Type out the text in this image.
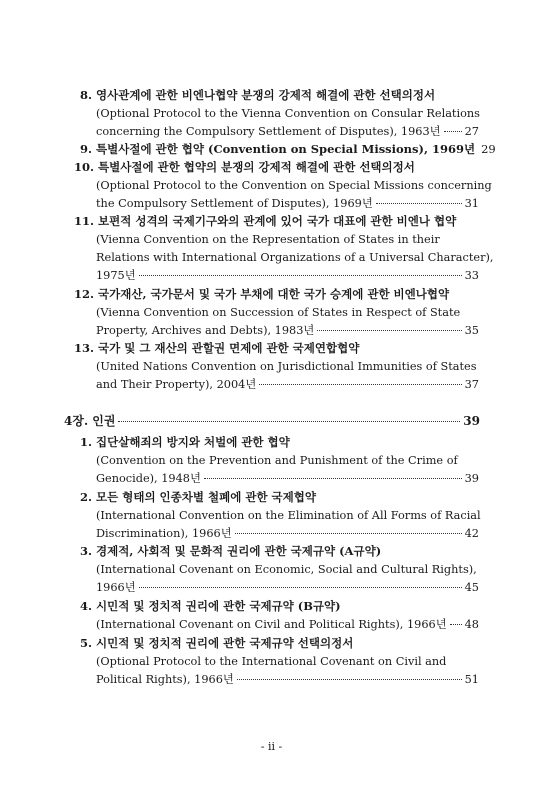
8. 영사관계에 관한 비엔나협약 분쟁의 강제적 해결에 관한 선택의정서
(Optional Protocol to the Vienna Convention on Consular Relations
concerning the Compulsory Settlement of Disputes), 1963년 27
9. 특별사절에 관한 협약 (Convention on Special Missions), 1969년 29
10. 특별사절에 관한 협약의 분쟁의 강제적 해결에 관한 선택의정서
(Optional Protocol to the Convention on Special Missions concerning
the Compulsory Settlement of Disputes), 1969년	31
11. 보편적 성격의 국제기구와의 관계에 있어 국가 대표에 관한 비엔나 협약
(Vienna Convention on the Representation of States in their
Relations with International Organizations of a Universal Character),
1975년	33
12. 국가재산, 국가문서 및 국가 부채에 대한 국가 승계에 관한 비엔나협약
(Vienna Convention on Succession of States in Respect of State
Property, Archives and Debts), 1983년	35
13. 국가 및 그 재산의 관할권 면제에 관한 국제연합협약
(United Nations Convention on Jurisdictional Immunities of States
and Their Property), 2004년	37
4장. 인권	39
1. 집단살해죄의 방지와 처벌에 관한 협약
(Convention on the Prevention and Punishment of the Crime of
Genocide), 1948년	39
2. 모든 형태의 인종차별 철폐에 관한 국제협약
(International Convention on the Elimination of All Forms of Racial
Discrimination), 1966년	42
3. 경제적, 사회적 및 문화적 권리에 관한 국제규약 (A규약)
(International Covenant on Economic, Social and Cultural Rights),
1966년	45
4. 시민적 및 정치적 권리에 관한 국제규약 (B규약)
(International Covenant on Civil and Political Rights), 1966년 48
5. 시민적 및 정치적 권리에 관한 국제규약 선택의정서
(Optional Protocol to the International Covenant on Civil and
Political Rights), 1966년	51
- ii -
